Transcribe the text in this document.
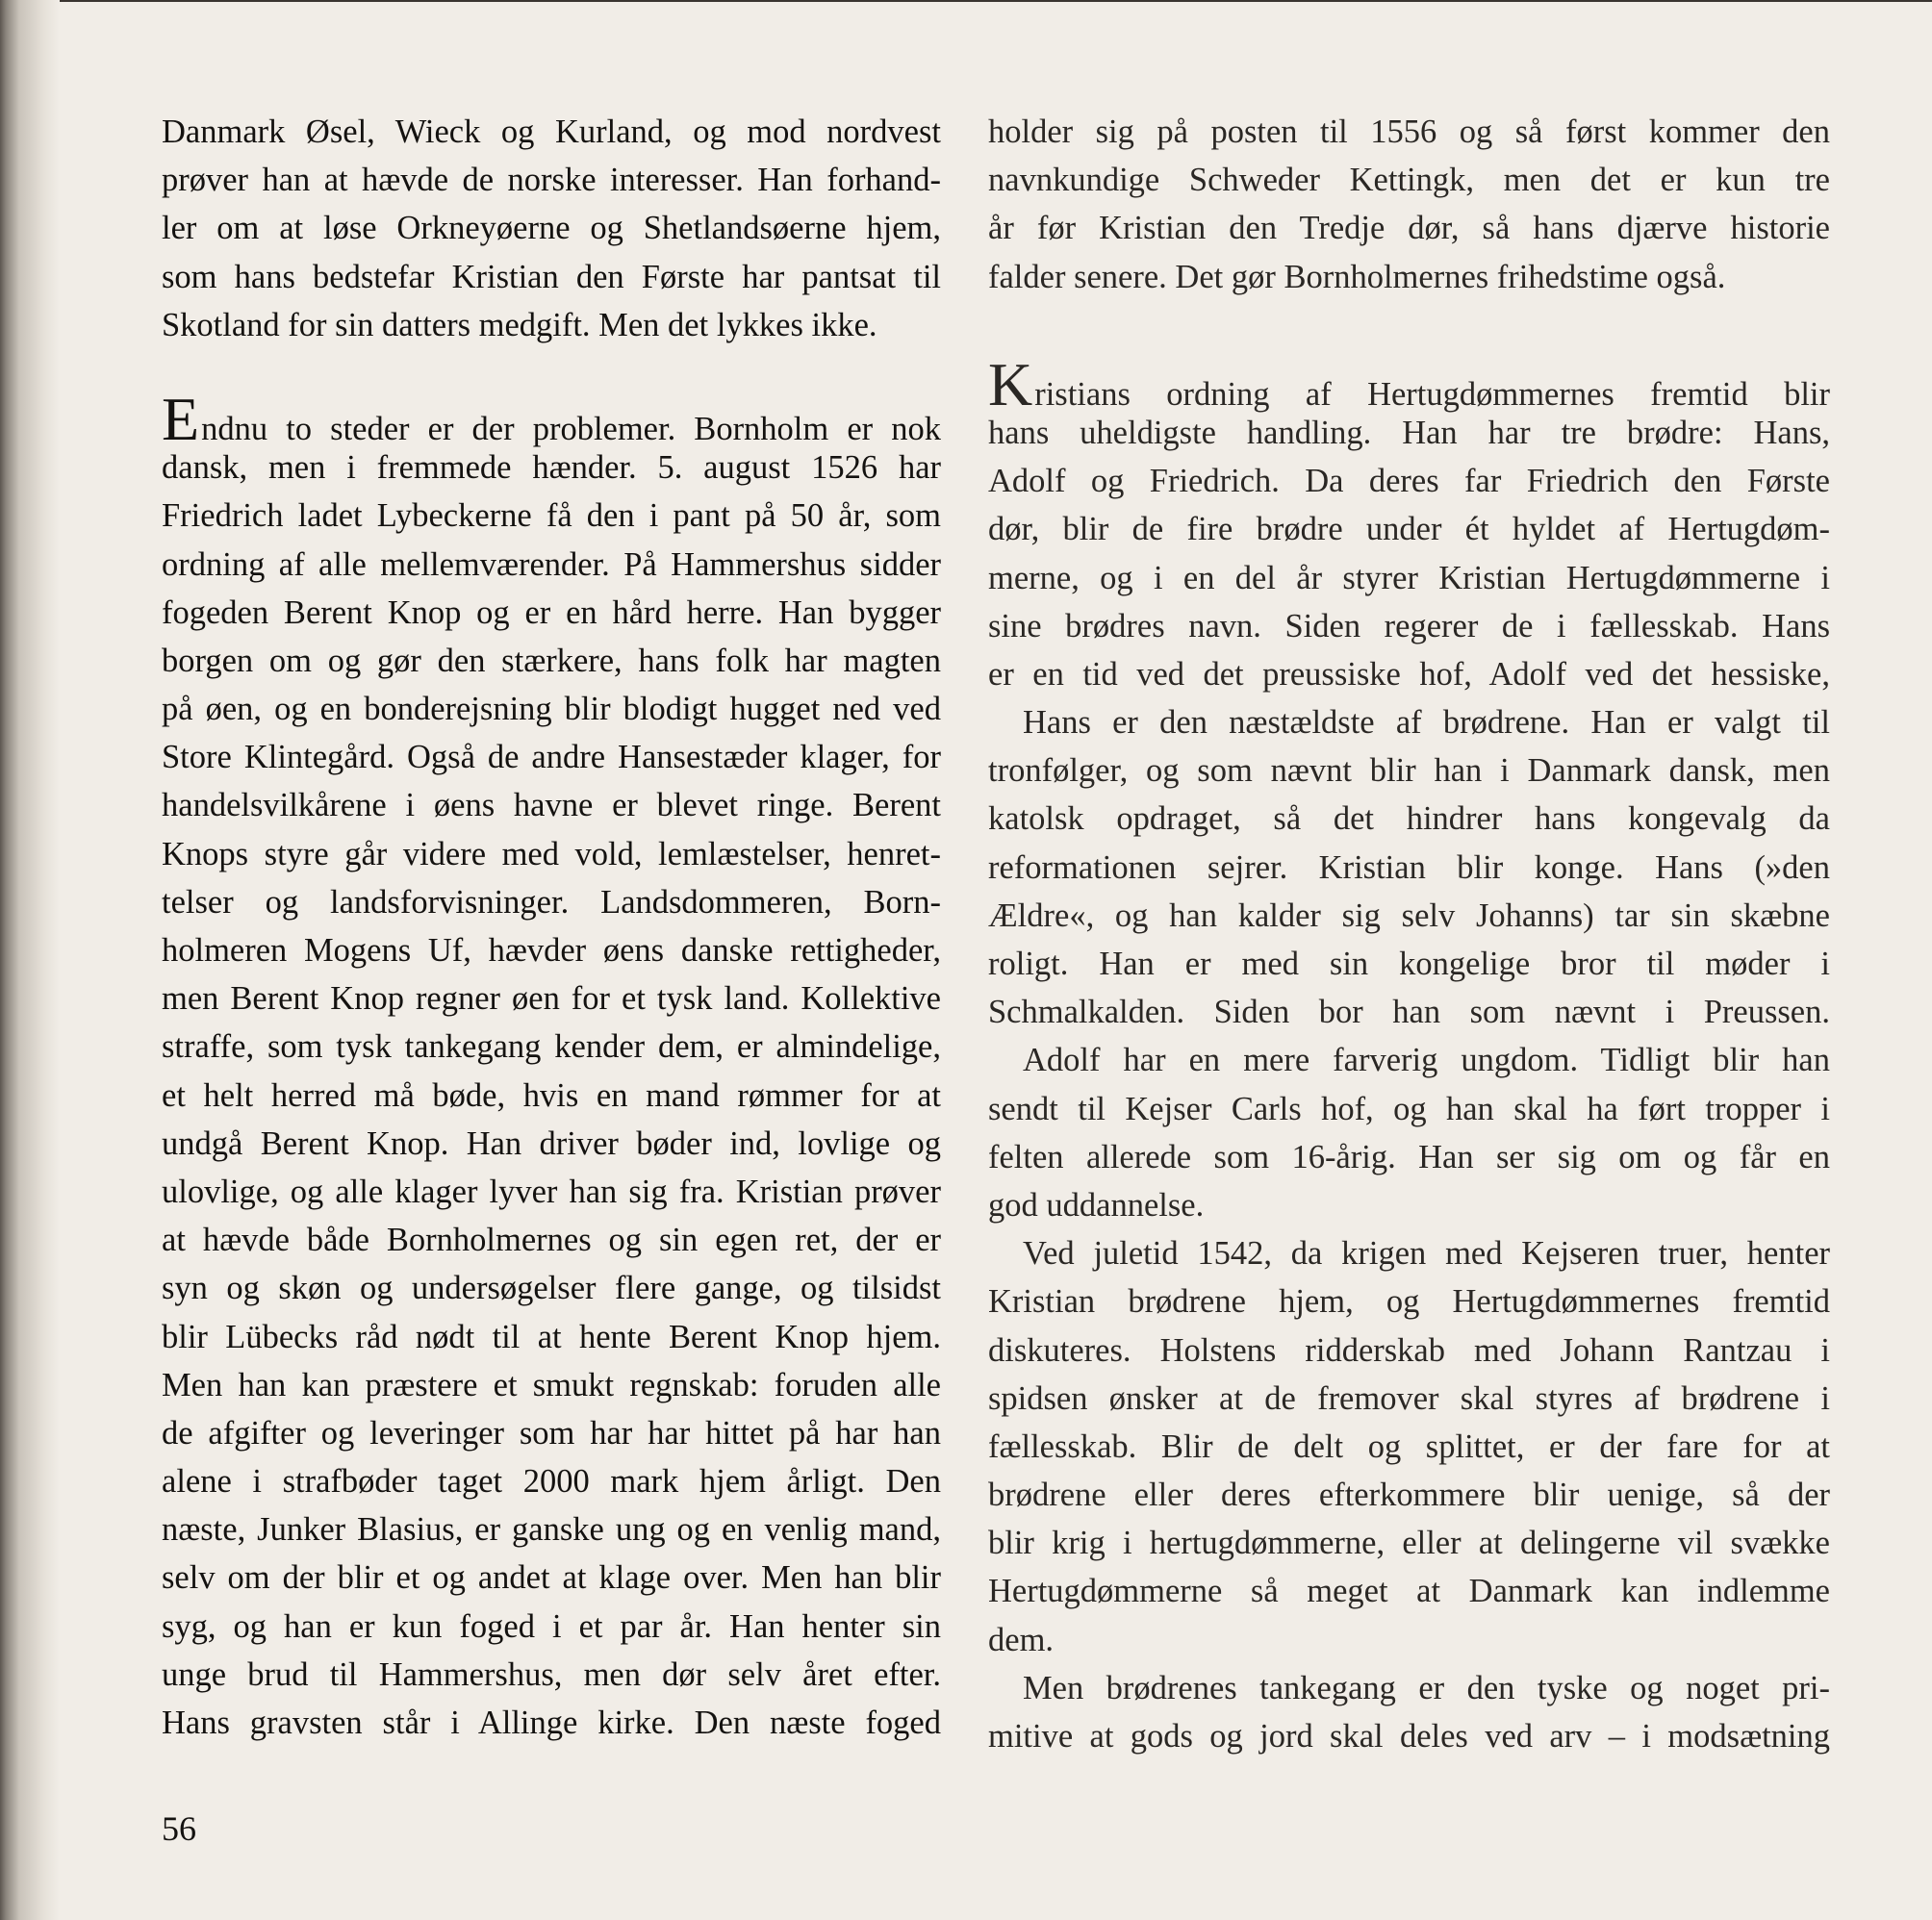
Danmark Øsel, Wieck og Kurland, og mod nordvest
prøver han at hævde de norske interesser. Han forhand-
ler om at løse Orkneyøerne og Shetlandsøerne hjem,
som hans bedstefar Kristian den Første har pantsat til
Skotland for sin datters medgift. Men det lykkes ikke.
Endnu to steder er der problemer. Bornholm er nok
dansk, men i fremmede hænder. 5. august 1526 har
Friedrich ladet Lybeckerne få den i pant på 50 år, som
ordning af alle mellemværender. På Hammershus sidder
fogeden Berent Knop og er en hård herre. Han bygger
borgen om og gør den stærkere, hans folk har magten
på øen, og en bonderejsning blir blodigt hugget ned ved
Store Klintegård. Også de andre Hansestæder klager, for
handelsvilkårene i øens havne er blevet ringe. Berent
Knops styre går videre med vold, lemlæstelser, henret-
telser og landsforvisninger. Landsdommeren, Born-
holmeren Mogens Uf, hævder øens danske rettigheder,
men Berent Knop regner øen for et tysk land. Kollektive
straffe, som tysk tankegang kender dem, er almindelige,
et helt herred må bøde, hvis en mand rømmer for at
undgå Berent Knop. Han driver bøder ind, lovlige og
ulovlige, og alle klager lyver han sig fra. Kristian prøver
at hævde både Bornholmernes og sin egen ret, der er
syn og skøn og undersøgelser flere gange, og tilsidst
blir Lübecks råd nødt til at hente Berent Knop hjem.
Men han kan præstere et smukt regnskab: foruden alle
de afgifter og leveringer som har har hittet på har han
alene i strafbøder taget 2000 mark hjem årligt. Den
næste, Junker Blasius, er ganske ung og en venlig mand,
selv om der blir et og andet at klage over. Men han blir
syg, og han er kun foged i et par år. Han henter sin
unge brud til Hammershus, men dør selv året efter.
Hans gravsten står i Allinge kirke. Den næste foged
holder sig på posten til 1556 og så først kommer den
navnkundige Schweder Kettingk, men det er kun tre
år før Kristian den Tredje dør, så hans djærve historie
falder senere. Det gør Bornholmernes frihedstime også.
Kristians ordning af Hertugdømmernes fremtid blir
hans uheldigste handling. Han har tre brødre: Hans,
Adolf og Friedrich. Da deres far Friedrich den Første
dør, blir de fire brødre under ét hyldet af Hertugdøm-
merne, og i en del år styrer Kristian Hertugdømmerne i
sine brødres navn. Siden regerer de i fællesskab. Hans
er en tid ved det preussiske hof, Adolf ved det hessiske,
Hans er den næstældste af brødrene. Han er valgt til
tronfølger, og som nævnt blir han i Danmark dansk, men
katolsk opdraget, så det hindrer hans kongevalg da
reformationen sejrer. Kristian blir konge. Hans (»den
Ældre«, og han kalder sig selv Johanns) tar sin skæbne
roligt. Han er med sin kongelige bror til møder i
Schmalkalden. Siden bor han som nævnt i Preussen.
Adolf har en mere farverig ungdom. Tidligt blir han
sendt til Kejser Carls hof, og han skal ha ført tropper i
felten allerede som 16-årig. Han ser sig om og får en
god uddannelse.
Ved juletid 1542, da krigen med Kejseren truer, henter
Kristian brødrene hjem, og Hertugdømmernes fremtid
diskuteres. Holstens ridderskab med Johann Rantzau i
spidsen ønsker at de fremover skal styres af brødrene i
fællesskab. Blir de delt og splittet, er der fare for at
brødrene eller deres efterkommere blir uenige, så der
blir krig i hertugdømmerne, eller at delingerne vil svække
Hertugdømmerne så meget at Danmark kan indlemme
dem.
Men brødrenes tankegang er den tyske og noget pri-
mitive at gods og jord skal deles ved arv – i modsætning
56
